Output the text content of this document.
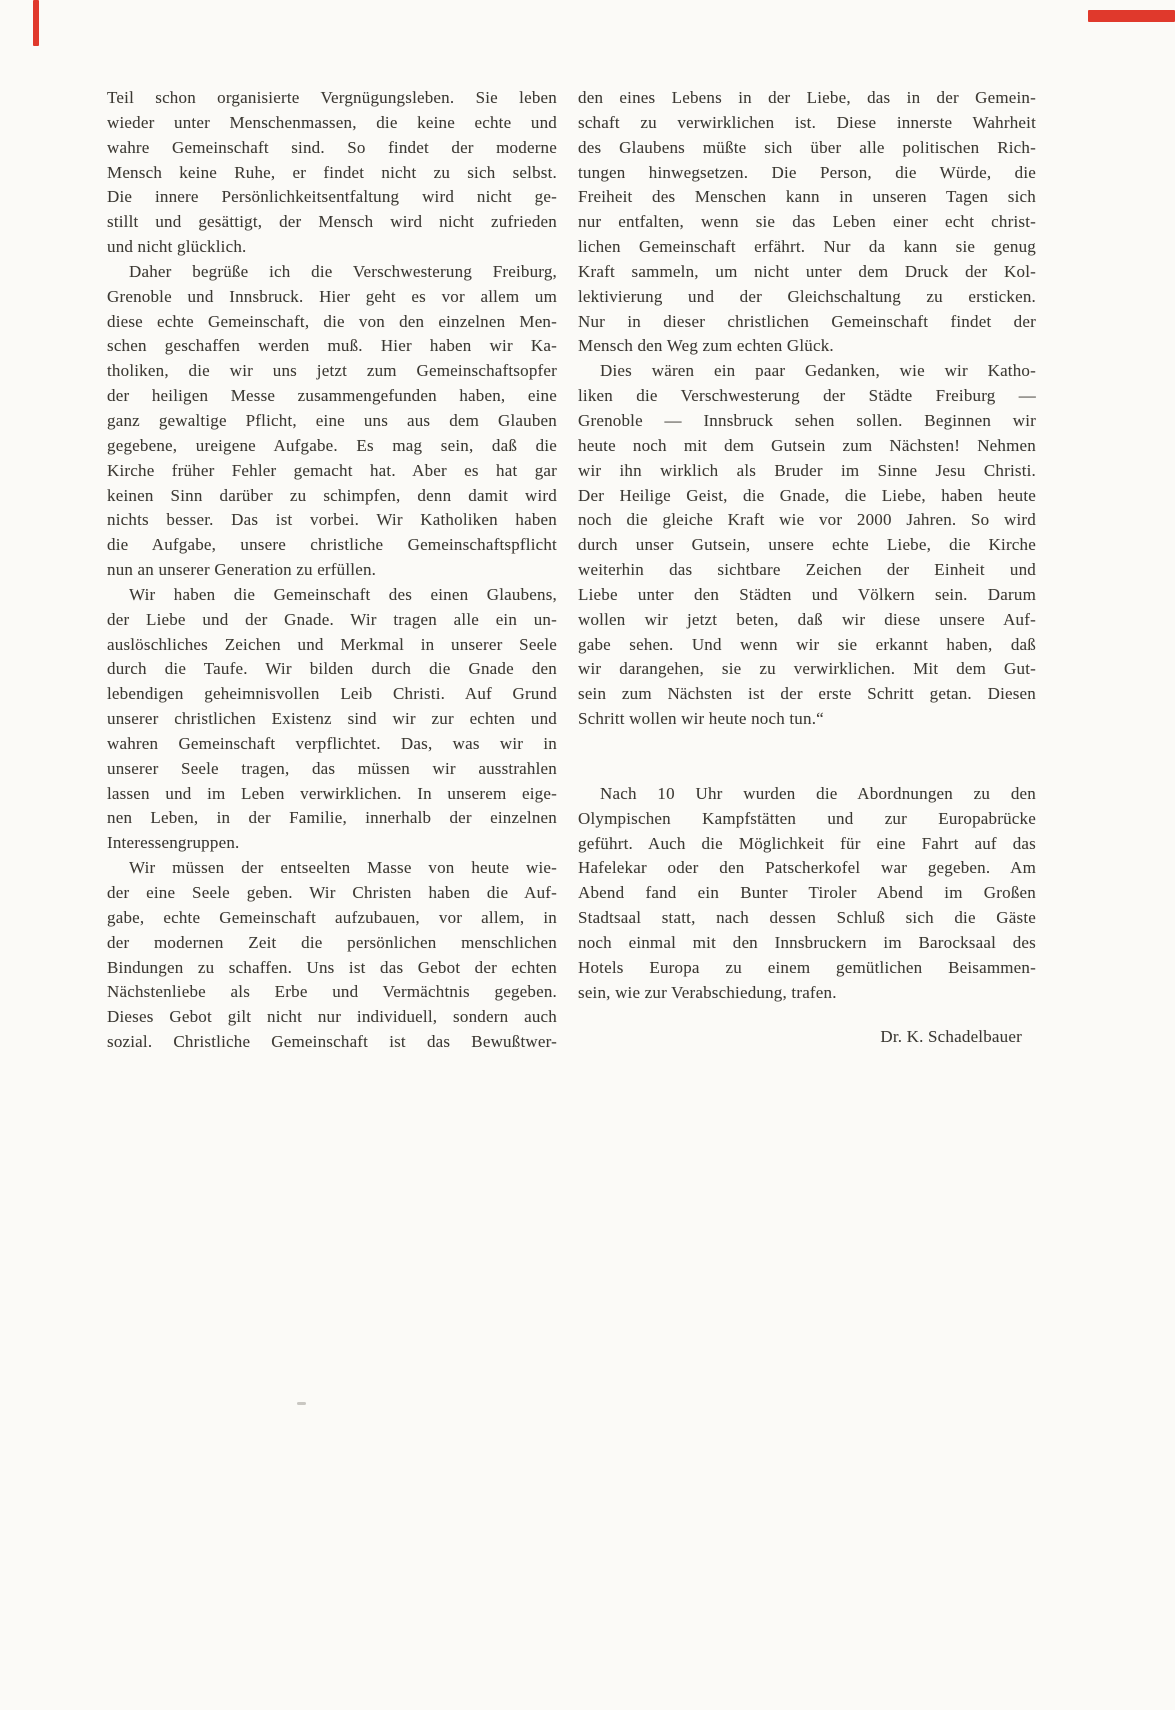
Teil schon organisierte Vergnügungsleben. Sie leben
wieder unter Menschenmassen, die keine echte und
wahre Gemeinschaft sind. So findet der moderne
Mensch keine Ruhe, er findet nicht zu sich selbst.
Die innere Persönlichkeitsentfaltung wird nicht ge-
stillt und gesättigt, der Mensch wird nicht zufrieden
und nicht glücklich.
Daher begrüße ich die Verschwesterung Freiburg,
Grenoble und Innsbruck. Hier geht es vor allem um
diese echte Gemeinschaft, die von den einzelnen Men-
schen geschaffen werden muß. Hier haben wir Ka-
tholiken, die wir uns jetzt zum Gemeinschaftsopfer
der heiligen Messe zusammengefunden haben, eine
ganz gewaltige Pflicht, eine uns aus dem Glauben
gegebene, ureigene Aufgabe. Es mag sein, daß die
Kirche früher Fehler gemacht hat. Aber es hat gar
keinen Sinn darüber zu schimpfen, denn damit wird
nichts besser. Das ist vorbei. Wir Katholiken haben
die Aufgabe, unsere christliche Gemeinschaftspflicht
nun an unserer Generation zu erfüllen.
Wir haben die Gemeinschaft des einen Glaubens,
der Liebe und der Gnade. Wir tragen alle ein un-
auslöschliches Zeichen und Merkmal in unserer Seele
durch die Taufe. Wir bilden durch die Gnade den
lebendigen geheimnisvollen Leib Christi. Auf Grund
unserer christlichen Existenz sind wir zur echten und
wahren Gemeinschaft verpflichtet. Das, was wir in
unserer Seele tragen, das müssen wir ausstrahlen
lassen und im Leben verwirklichen. In unserem eige-
nen Leben, in der Familie, innerhalb der einzelnen
Interessengruppen.
Wir müssen der entseelten Masse von heute wie-
der eine Seele geben. Wir Christen haben die Auf-
gabe, echte Gemeinschaft aufzubauen, vor allem, in
der modernen Zeit die persönlichen menschlichen
Bindungen zu schaffen. Uns ist das Gebot der echten
Nächstenliebe als Erbe und Vermächtnis gegeben.
Dieses Gebot gilt nicht nur individuell, sondern auch
sozial. Christliche Gemeinschaft ist das Bewußtwer-
den eines Lebens in der Liebe, das in der Gemein-
schaft zu verwirklichen ist. Diese innerste Wahrheit
des Glaubens müßte sich über alle politischen Rich-
tungen hinwegsetzen. Die Person, die Würde, die
Freiheit des Menschen kann in unseren Tagen sich
nur entfalten, wenn sie das Leben einer echt christ-
lichen Gemeinschaft erfährt. Nur da kann sie genug
Kraft sammeln, um nicht unter dem Druck der Kol-
lektivierung und der Gleichschaltung zu ersticken.
Nur in dieser christlichen Gemeinschaft findet der
Mensch den Weg zum echten Glück.
Dies wären ein paar Gedanken, wie wir Katho-
liken die Verschwesterung der Städte Freiburg —
Grenoble — Innsbruck sehen sollen. Beginnen wir
heute noch mit dem Gutsein zum Nächsten! Nehmen
wir ihn wirklich als Bruder im Sinne Jesu Christi.
Der Heilige Geist, die Gnade, die Liebe, haben heute
noch die gleiche Kraft wie vor 2000 Jahren. So wird
durch unser Gutsein, unsere echte Liebe, die Kirche
weiterhin das sichtbare Zeichen der Einheit und
Liebe unter den Städten und Völkern sein. Darum
wollen wir jetzt beten, daß wir diese unsere Auf-
gabe sehen. Und wenn wir sie erkannt haben, daß
wir darangehen, sie zu verwirklichen. Mit dem Gut-
sein zum Nächsten ist der erste Schritt getan. Diesen
Schritt wollen wir heute noch tun.“
Nach 10 Uhr wurden die Abordnungen zu den
Olympischen Kampfstätten und zur Europabrücke
geführt. Auch die Möglichkeit für eine Fahrt auf das
Hafelekar oder den Patscherkofel war gegeben. Am
Abend fand ein Bunter Tiroler Abend im Großen
Stadtsaal statt, nach dessen Schluß sich die Gäste
noch einmal mit den Innsbruckern im Barocksaal des
Hotels Europa zu einem gemütlichen Beisammen-
sein, wie zur Verabschiedung, trafen.
Dr. K. Schadelbauer
